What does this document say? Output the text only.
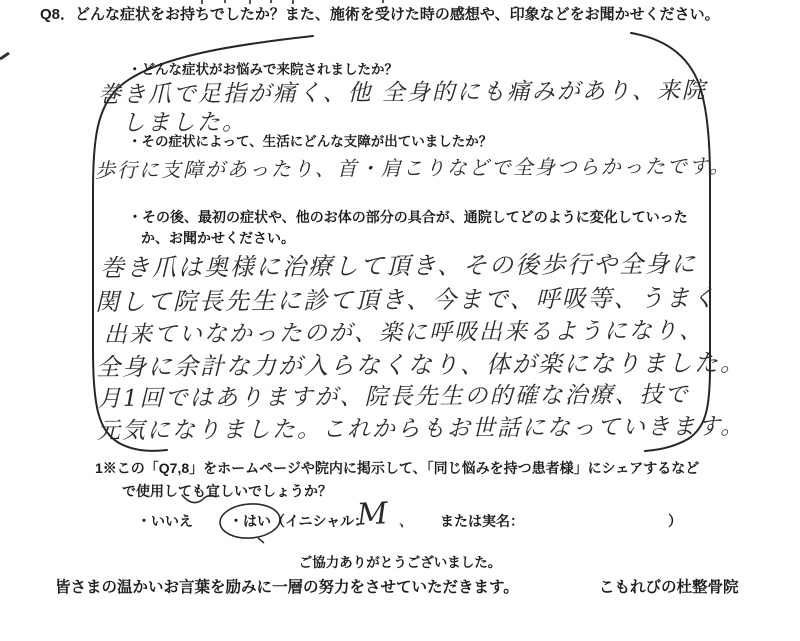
Q8．どんな症状をお持ちでしたか？また、施術を受けた時の感想や、印象などをお聞かせください。
・どんな症状がお悩みで来院されましたか？
巻き爪で足指が痛く、他 全身的にも痛みがあり、来院
しました。
・その症状によって、生活にどんな支障が出ていましたか？
歩行に支障があったり、首・肩こりなどで全身つらかったです。
・その後、最初の症状や、他のお体の部分の具合が、通院してどのように変化していった
か、お聞かせください。
巻き爪は奥様に治療して頂き、その後歩行や全身に
関して院長先生に診て頂き、今まで、呼吸等、うまく
出来ていなかったのが、楽に呼吸出来るようになり、
全身に余計な力が入らなくなり、体が楽になりました。
月1回ではありますが、院長先生の的確な治療、技で
元気になりました。これからもお世話になっていきます。
1※この「Q7,8」をホームページや院内に掲示して、「同じ悩みを持つ患者様」にシェアするなど
で使用しても宜しいでしょうか？
・いいえ	・はい （イニシャル：
M 、 または実名：	）
ご協力ありがとうございました。
皆さまの温かいお言葉を励みに一層の努力をさせていただきます。	こもれびの杜整骨院
